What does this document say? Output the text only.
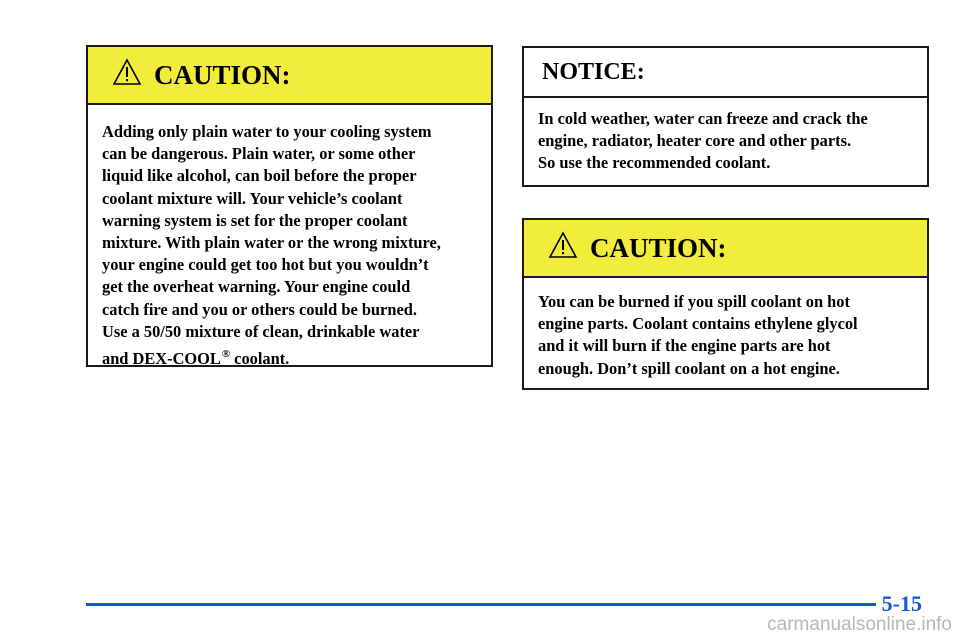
CAUTION:
Adding only plain water to your cooling system
can be dangerous. Plain water, or some other
liquid like alcohol, can boil before the proper
coolant mixture will. Your vehicle’s coolant
warning system is set for the proper coolant
mixture. With plain water or the wrong mixture,
your engine could get too hot but you wouldn’t
get the overheat warning. Your engine could
catch fire and you or others could be burned.
Use a 50/50 mixture of clean, drinkable water
and DEX-COOL® coolant.
NOTICE:
In cold weather, water can freeze and crack the
engine, radiator, heater core and other parts.
So use the recommended coolant.
CAUTION:
You can be burned if you spill coolant on hot
engine parts. Coolant contains ethylene glycol
and it will burn if the engine parts are hot
enough. Don’t spill coolant on a hot engine.
5-15
carmanualsonline.info
